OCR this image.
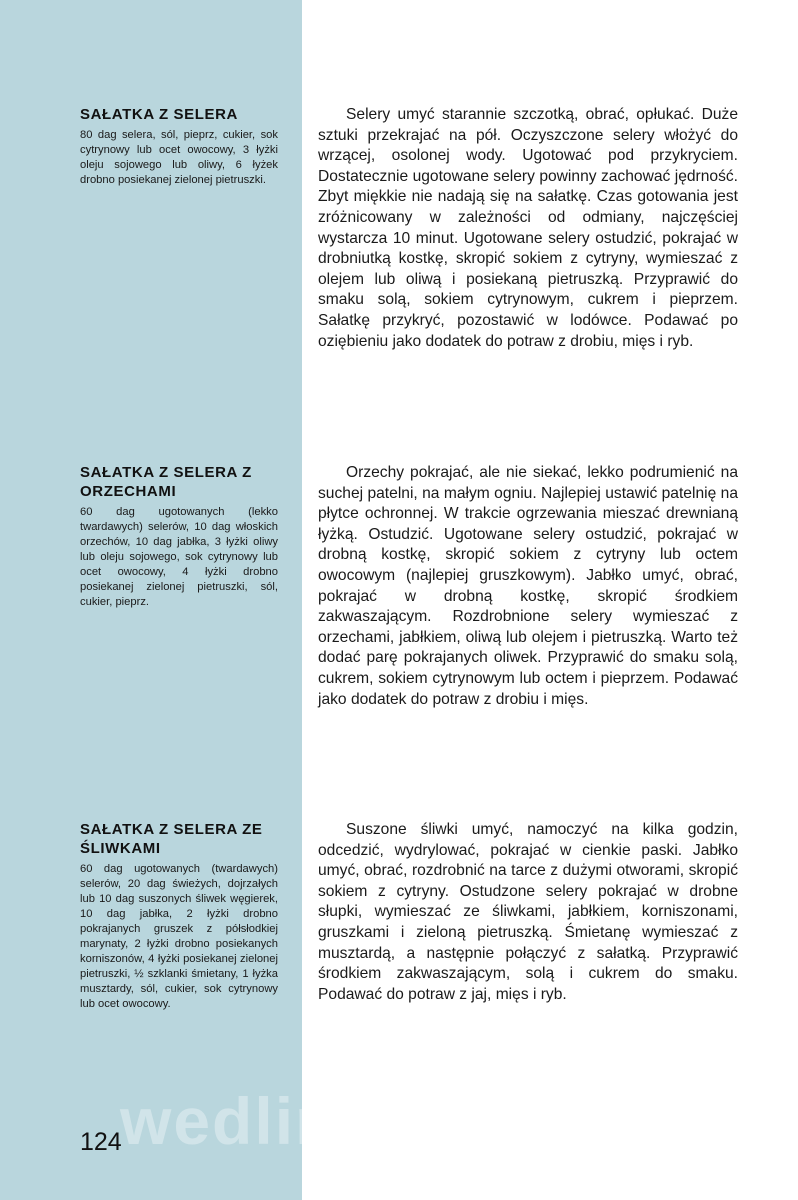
SAŁATKA Z SELERA

80 dag selera, sól, pieprz, cukier, sok cytrynowy lub ocet owocowy, 3 łyżki oleju sojowego lub oliwy, 6 łyżek drobno posiekanej zielonej pietruszki.

Selery umyć starannie szczotką, obrać, opłukać. Duże sztuki przekrajać na pół. Oczyszczone selery włożyć do wrzącej, osolonej wody. Ugotować pod przykryciem. Dostatecznie ugotowane selery powinny zachować jędrność. Zbyt miękkie nie nadają się na sałatkę. Czas gotowania jest zróżnicowany w zależności od odmiany, najczęściej wystarcza 10 minut. Ugotowane selery ostudzić, pokrajać w drobniutką kostkę, skropić sokiem z cytryny, wymieszać z olejem lub oliwą i posiekaną pietruszką. Przyprawić do smaku solą, sokiem cytrynowym, cukrem i pieprzem. Sałatkę przykryć, pozostawić w lodówce. Podawać po oziębieniu jako dodatek do potraw z drobiu, mięs i ryb.

SAŁATKA Z SELERA Z ORZECHAMI

60 dag ugotowanych (lekko twardawych) selerów, 10 dag włoskich orzechów, 10 dag jabłka, 3 łyżki oliwy lub oleju sojowego, sok cytrynowy lub ocet owocowy, 4 łyżki drobno posiekanej zielonej pietruszki, sól, cukier, pieprz.

Orzechy pokrajać, ale nie siekać, lekko podrumienić na suchej patelni, na małym ogniu. Najlepiej ustawić patelnię na płytce ochronnej. W trakcie ogrzewania mieszać drewnianą łyżką. Ostudzić. Ugotowane selery ostudzić, pokrajać w drobną kostkę, skropić sokiem z cytryny lub octem owocowym (najlepiej gruszkowym). Jabłko umyć, obrać, pokrajać w drobną kostkę, skropić środkiem zakwaszającym. Rozdrobnione selery wymieszać z orzechami, jabłkiem, oliwą lub olejem i pietruszką. Warto też dodać parę pokrajanych oliwek. Przyprawić do smaku solą, cukrem, sokiem cytrynowym lub octem i pieprzem. Podawać jako dodatek do potraw z drobiu i mięs.

SAŁATKA Z SELERA ZE ŚLIWKAMI

60 dag ugotowanych (twardawych) selerów, 20 dag świeżych, dojrzałych lub 10 dag suszonych śliwek węgierek, 10 dag jabłka, 2 łyżki drobno pokrajanych gruszek z półsłodkiej marynaty, 2 łyżki drobno posiekanych korniszonów, 4 łyżki posiekanej zielonej pietruszki, ½ szklanki śmietany, 1 łyżka musztardy, sól, cukier, sok cytrynowy lub ocet owocowy.

Suszone śliwki umyć, namoczyć na kilka godzin, odcedzić, wydrylować, pokrajać w cienkie paski. Jabłko umyć, obrać, rozdrobnić na tarce z dużymi otworami, skropić sokiem z cytryny. Ostudzone selery pokrajać w drobne słupki, wymieszać ze śliwkami, jabłkiem, korniszonami, gruszkami i zieloną pietruszką. Śmietanę wymieszać z musztardą, a następnie połączyć z sałatką. Przyprawić środkiem zakwaszającym, solą i cukrem do smaku. Podawać do potraw z jaj, mięs i ryb.

wedlinydomowe.pl
124
